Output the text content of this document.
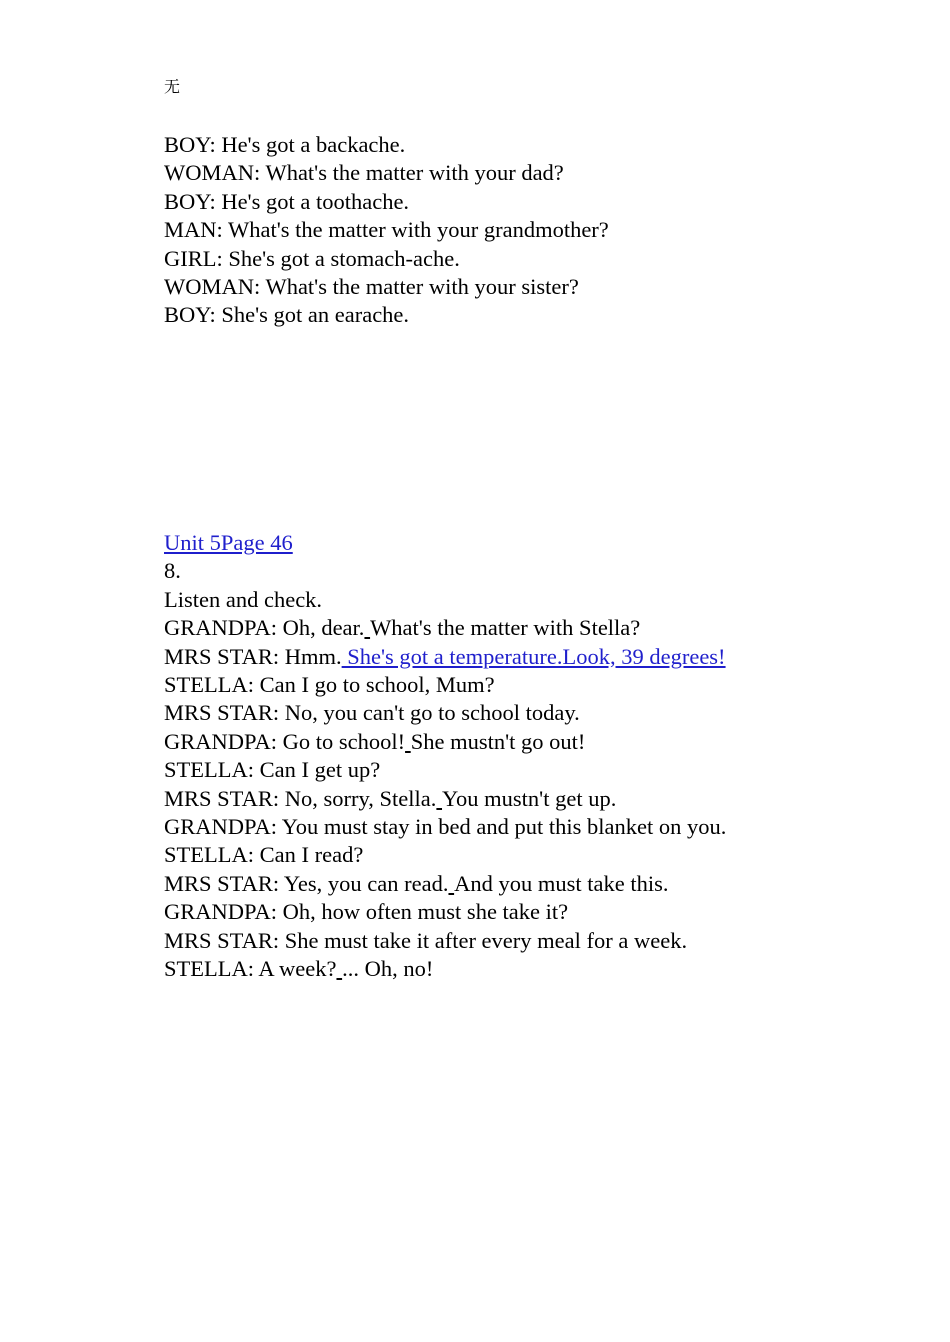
无
BOY: He's got a backache.
WOMAN: What's the matter with your dad?
BOY: He's got a toothache.
MAN: What's the matter with your grandmother?
GIRL: She's got a stomach-ache.
WOMAN: What's the matter with your sister?
BOY: She's got an earache.
Unit 5Page 46
8.
Listen and check.
GRANDPA: Oh, dear. What's the matter with Stella?
MRS STAR: Hmm. She's got a temperature.Look, 39 degrees!
STELLA: Can I go to school, Mum?
MRS STAR: No, you can't go to school today.
GRANDPA: Go to school! She mustn't go out!
STELLA: Can I get up?
MRS STAR: No, sorry, Stella. You mustn't get up.
GRANDPA: You must stay in bed and put this blanket on you.
STELLA: Can I read?
MRS STAR: Yes, you can read. And you must take this.
GRANDPA: Oh, how often must she take it?
MRS STAR: She must take it after every meal for a week.
STELLA: A week? ... Oh, no!
